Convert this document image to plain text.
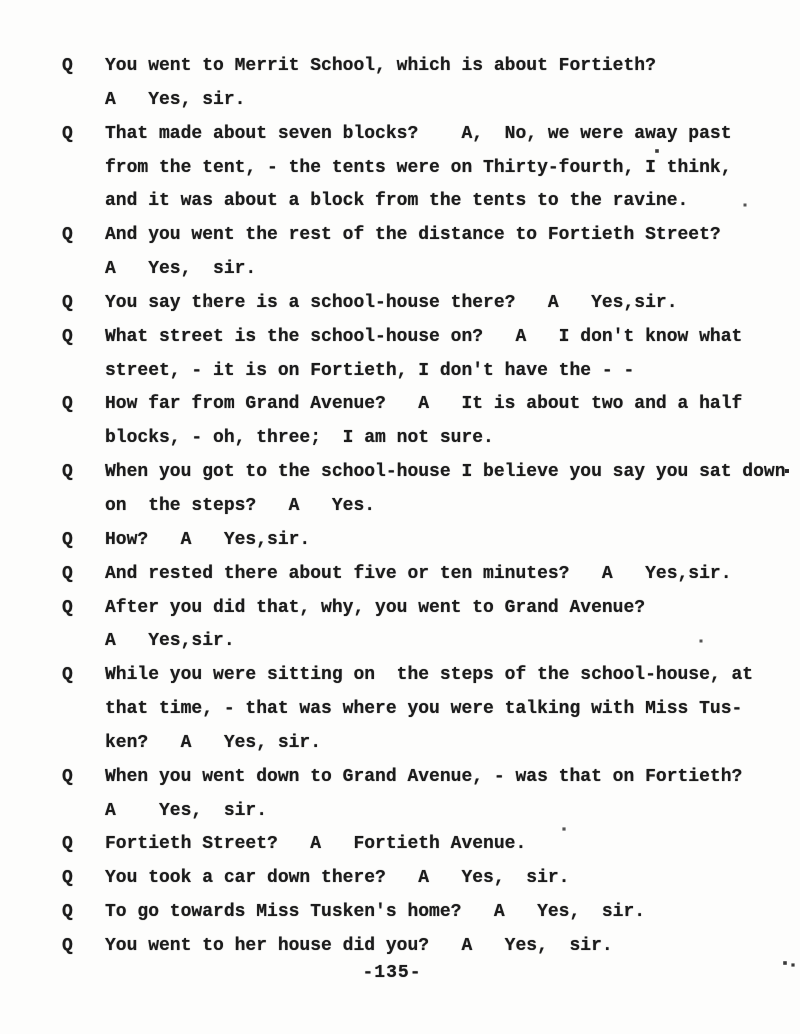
Q	You went to Merrit School, which is about Fortieth?
A   Yes, sir.
Q	That made about seven blocks?    A,  No, we were away past
from the tent, - the tents were on Thirty-fourth, I think,
and it was about a block from the tents to the ravine.
Q	And you went the rest of the distance to Fortieth Street?
A   Yes,  sir.
Q	You say there is a school-house there?   A   Yes,sir.
Q	What street is the school-house on?   A   I don't know what
street, - it is on Fortieth, I don't have the - -
Q	How far from Grand Avenue?   A   It is about two and a half
blocks, - oh, three;  I am not sure.
Q	When you got to the school-house I believe you say you sat down
on  the steps?   A   Yes.
Q	How?   A   Yes,sir.
Q	And rested there about five or ten minutes?   A   Yes,sir.
Q	After you did that, why, you went to Grand Avenue?
A   Yes,sir.
Q	While you were sitting on  the steps of the school-house, at
that time, - that was where you were talking with Miss Tus-
ken?   A   Yes, sir.
Q	When you went down to Grand Avenue, - was that on Fortieth?
A    Yes,  sir.
Q	Fortieth Street?   A   Fortieth Avenue.
Q	You took a car down there?   A   Yes,  sir.
Q	To go towards Miss Tusken's home?   A   Yes,  sir.
Q	You went to her house did you?   A   Yes,  sir.
-135-
